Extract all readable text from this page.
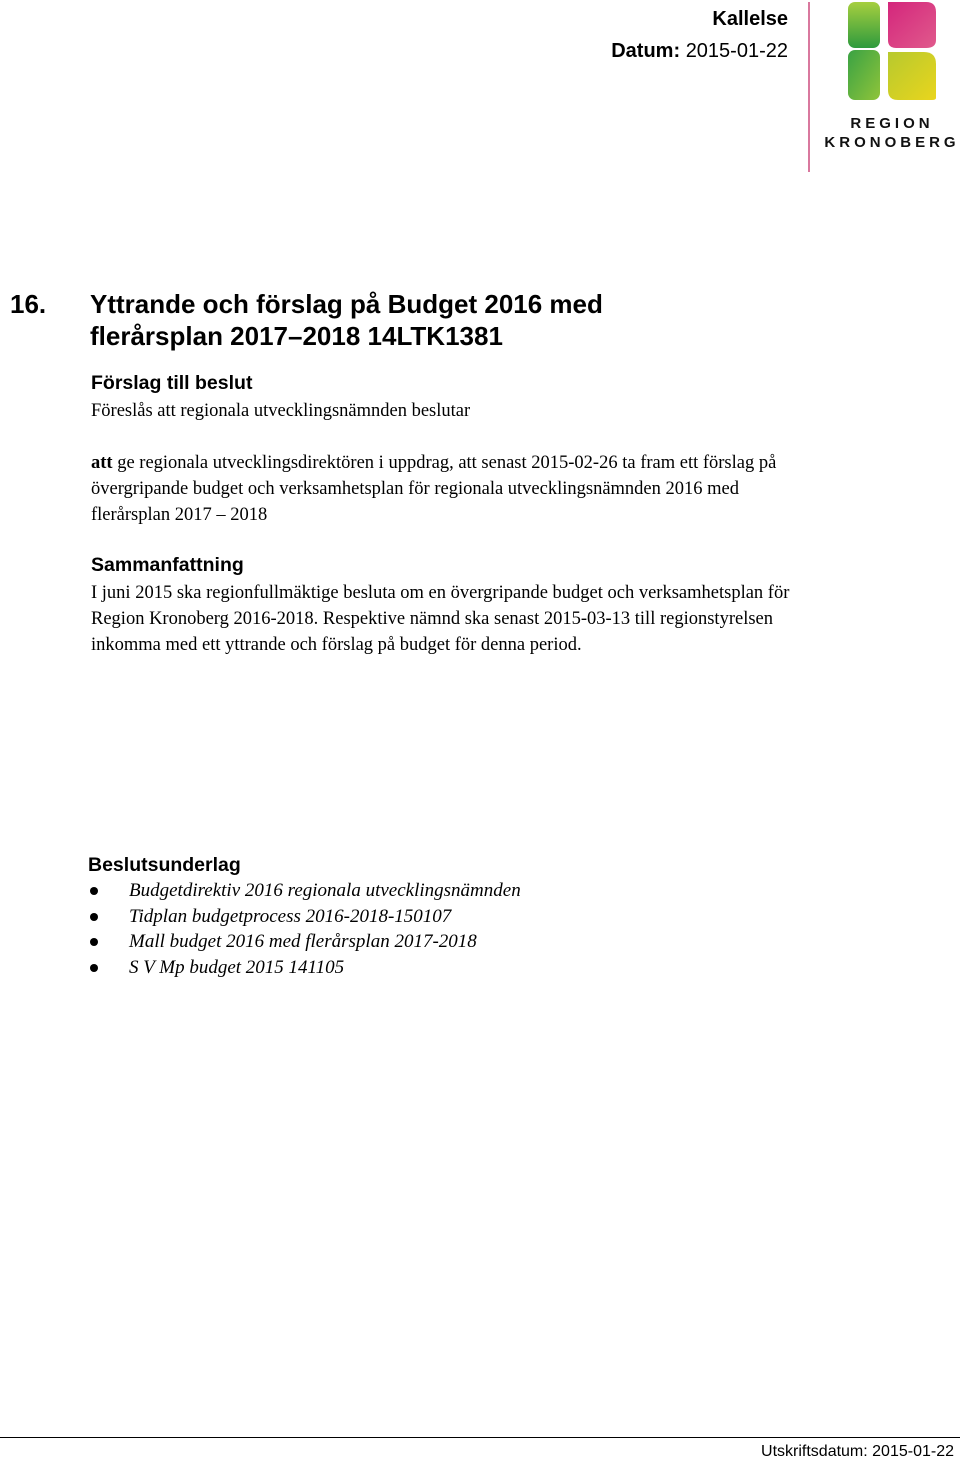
Kallelse
Datum: 2015-01-22
REGION
KRONOBERG
16. Yttrande och förslag på Budget 2016 med
flerårsplan 2017–2018 14LTK1381
Förslag till beslut
Föreslås att regionala utvecklingsnämnden beslutar
att ge regionala utvecklingsdirektören i uppdrag, att senast 2015-02-26 ta fram ett förslag på övergripande budget och verksamhetsplan för regionala utvecklingsnämnden 2016 med flerårsplan 2017 – 2018
Sammanfattning
I juni 2015 ska regionfullmäktige besluta om en övergripande budget och verksamhetsplan för Region Kronoberg 2016-2018. Respektive nämnd ska senast 2015-03-13 till regionstyrelsen inkomma med ett yttrande och förslag på budget för denna period.
Beslutsunderlag
Budgetdirektiv 2016 regionala utvecklingsnämnden
Tidplan budgetprocess 2016-2018-150107
Mall budget 2016 med flerårsplan 2017-2018
S V Mp budget 2015 141105
Utskriftsdatum: 2015-01-22
